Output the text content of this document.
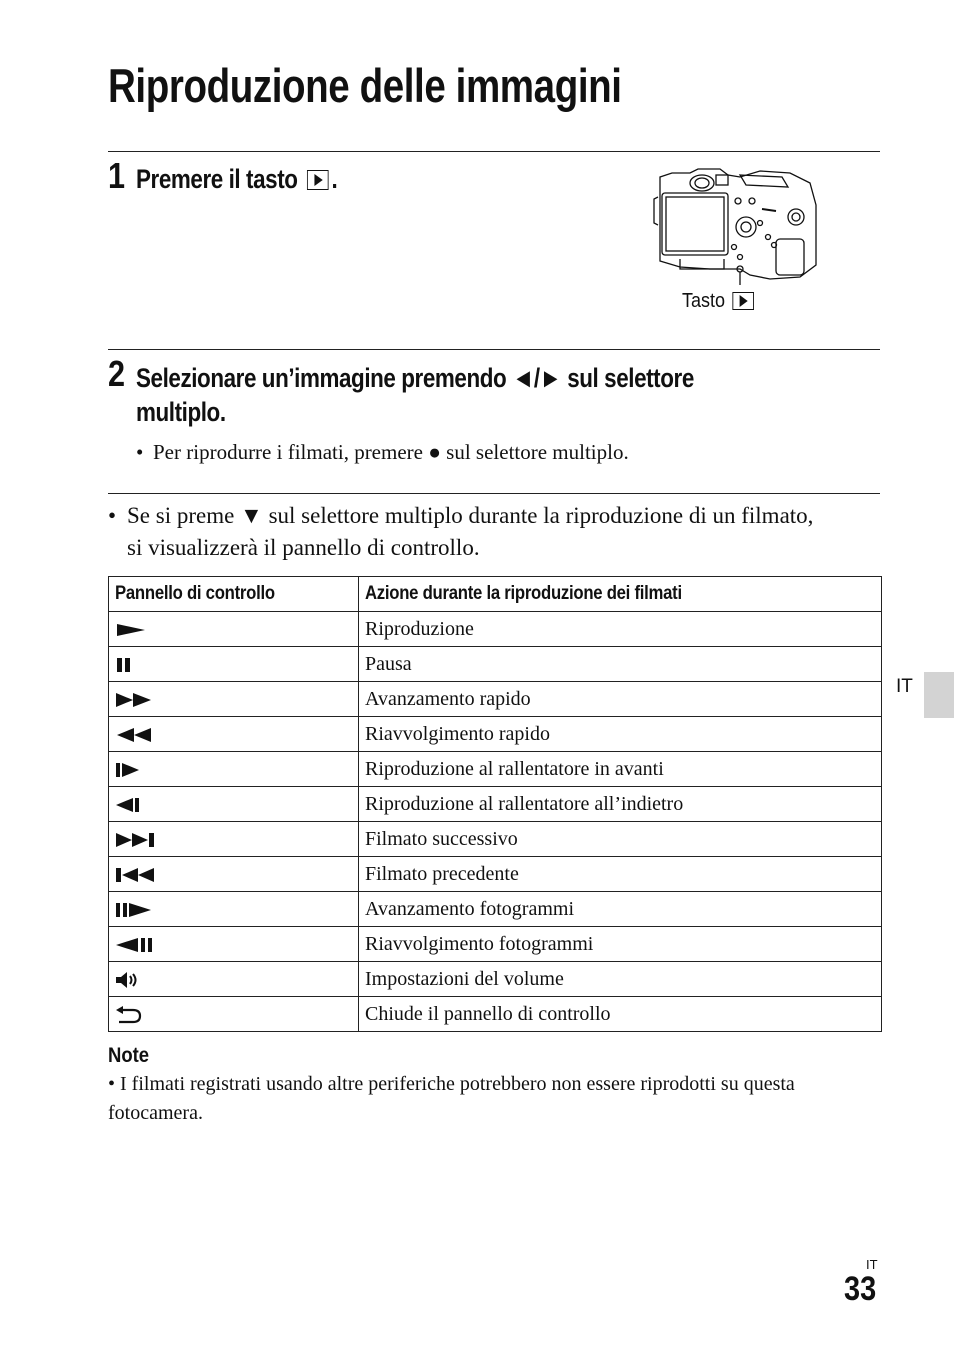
Riproduzione delle immagini
1 Premere il tasto .
Tasto
2 Selezionare un’immagine premendo ◄/► sul selettore
multiplo.
• Per riprodurre i filmati, premere ● sul selettore multiplo.
• Se si preme ▼ sul selettore multiplo durante la riproduzione di un filmato,
si visualizzerà il pannello di controllo.
Pannello di controllo	Azione durante la riproduzione dei filmati
	Riproduzione
	Pausa
	Avanzamento rapido
	Riavvolgimento rapido
	Riproduzione al rallentatore in avanti
	Riproduzione al rallentatore all’indietro
	Filmato successivo
	Filmato precedente
	Avanzamento fotogrammi
	Riavvolgimento fotogrammi
	Impostazioni del volume
	Chiude il pannello di controllo
Note
• I filmati registrati usando altre periferiche potrebbero non essere riprodotti su questa fotocamera.
IT
IT
33
